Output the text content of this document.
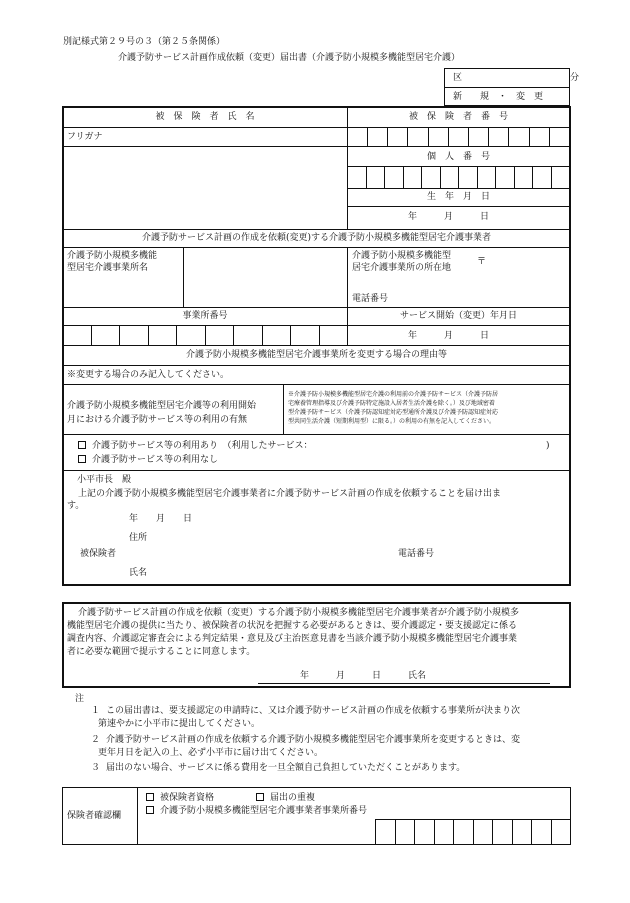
別記様式第２９号の３（第２５条関係）
介護予防サービス計画作成依頼（変更）届出書（介護予防小規模多機能型居宅介護）
区　　　　　　　　　　　　分
新　　規　・　変　更
被　保　険　者　氏　名	被　保　険　者　番　号
フリガナ
個　人　番　号
生　年　月　日
年　　　月　　　日
介護予防サービス計画の作成を依頼(変更)する介護予防小規模多機能型居宅介護事業者
介護予防小規模多機能
型居宅介護事業所名
介護予防小規模多機能型
居宅介護事業所の所在地
〒
電話番号
事業所番号	サービス開始（変更）年月日
年　　　月　　　日
介護予防小規模多機能型居宅介護事業所を変更する場合の理由等
※変更する場合のみ記入してください。
介護予防小規模多機能型居宅介護等の利用開始
月における介護予防サービス等の利用の有無
※介護予防小規模多機能型居宅介護の利用前の介護予防サービス（介護予防居
宅療養管理指導及び介護予防特定施設入居者生活介護を除く。）及び地域密着
型介護予防サービス（介護予防認知症対応型通所介護及び介護予防認知症対応
型共同生活介護（短期利用型）に限る。）の利用の有無を記入してください。
介護予防サービス等の利用あり　（利用したサービス：	)
介護予防サービス等の利用なし
小平市長　殿
上記の介護予防小規模多機能型居宅介護事業者に介護予防サービス計画の作成を依頼することを届け出ま
す。
年　　月　　日
住所
被保険者	電話番号
氏名
介護予防サービス計画の作成を依頼（変更）する介護予防小規模多機能型居宅介護事業者が介護予防小規模多
機能型居宅介護の提供に当たり、被保険者の状況を把握する必要があるときは、要介護認定・要支援認定に係る
調査内容、介護認定審査会による判定結果・意見及び主治医意見書を当該介護予防小規模多機能型居宅介護事業
者に必要な範囲で提示することに同意します。
年　　　月　　　日　　　氏名
注
１ この届出書は、要支援認定の申請時に、又は介護予防サービス計画の作成を依頼する事業所が決まり次
第速やかに小平市に提出してください。
２ 介護予防サービス計画の作成を依頼する介護予防小規模多機能型居宅介護事業所を変更するときは、変
更年月日を記入の上、必ず小平市に届け出てください。
３ 届出のない場合、サービスに係る費用を一旦全額自己負担していただくことがあります。
保険者確認欄
被保険者資格	届出の重複
介護予防小規模多機能型居宅介護事業者事業所番号
